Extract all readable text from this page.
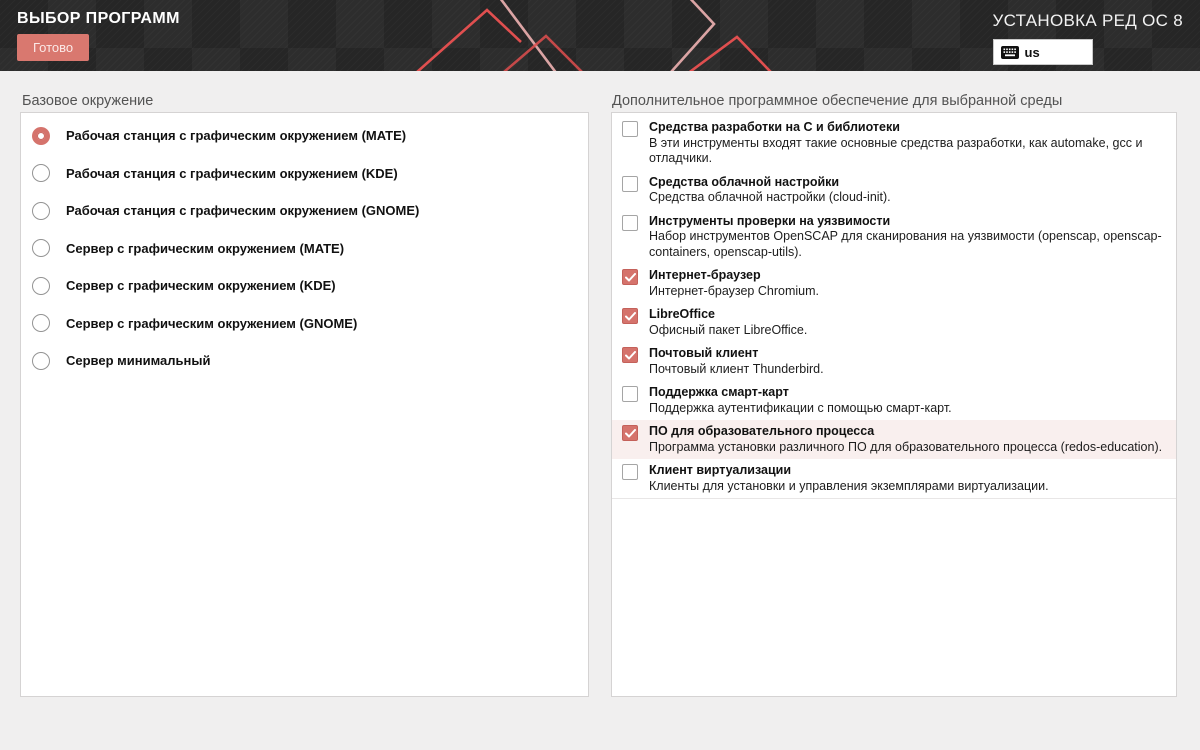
ВЫБОР ПРОГРАММ
Готово
УСТАНОВКА РЕД ОС 8
us
Базовое окружение	Дополнительное программное обеспечение для выбранной среды
Рабочая станция с графическим окружением (MATE)
Рабочая станция с графическим окружением (KDE)
Рабочая станция с графическим окружением (GNOME)
Сервер с графическим окружением (MATE)
Сервер с графическим окружением (KDE)
Сервер с графическим окружением (GNOME)
Сервер минимальный
Средства разработки на C и библиотеки
В эти инструменты входят такие основные средства разработки, как automake, gcc и отладчики.
Средства облачной настройки
Средства облачной настройки (cloud-init).
Инструменты проверки на уязвимости
Набор инструментов OpenSCAP для сканирования на уязвимости (openscap, openscap-containers, openscap-utils).
Интернет-браузер
Интернет-браузер Chromium.
LibreOffice
Офисный пакет LibreOffice.
Почтовый клиент
Почтовый клиент Thunderbird.
Поддержка смарт-карт
Поддержка аутентификации с помощью смарт-карт.
ПО для образовательного процесса
Программа установки различного ПО для образовательного процесса (redos-education).
Клиент виртуализации
Клиенты для установки и управления экземплярами виртуализации.
